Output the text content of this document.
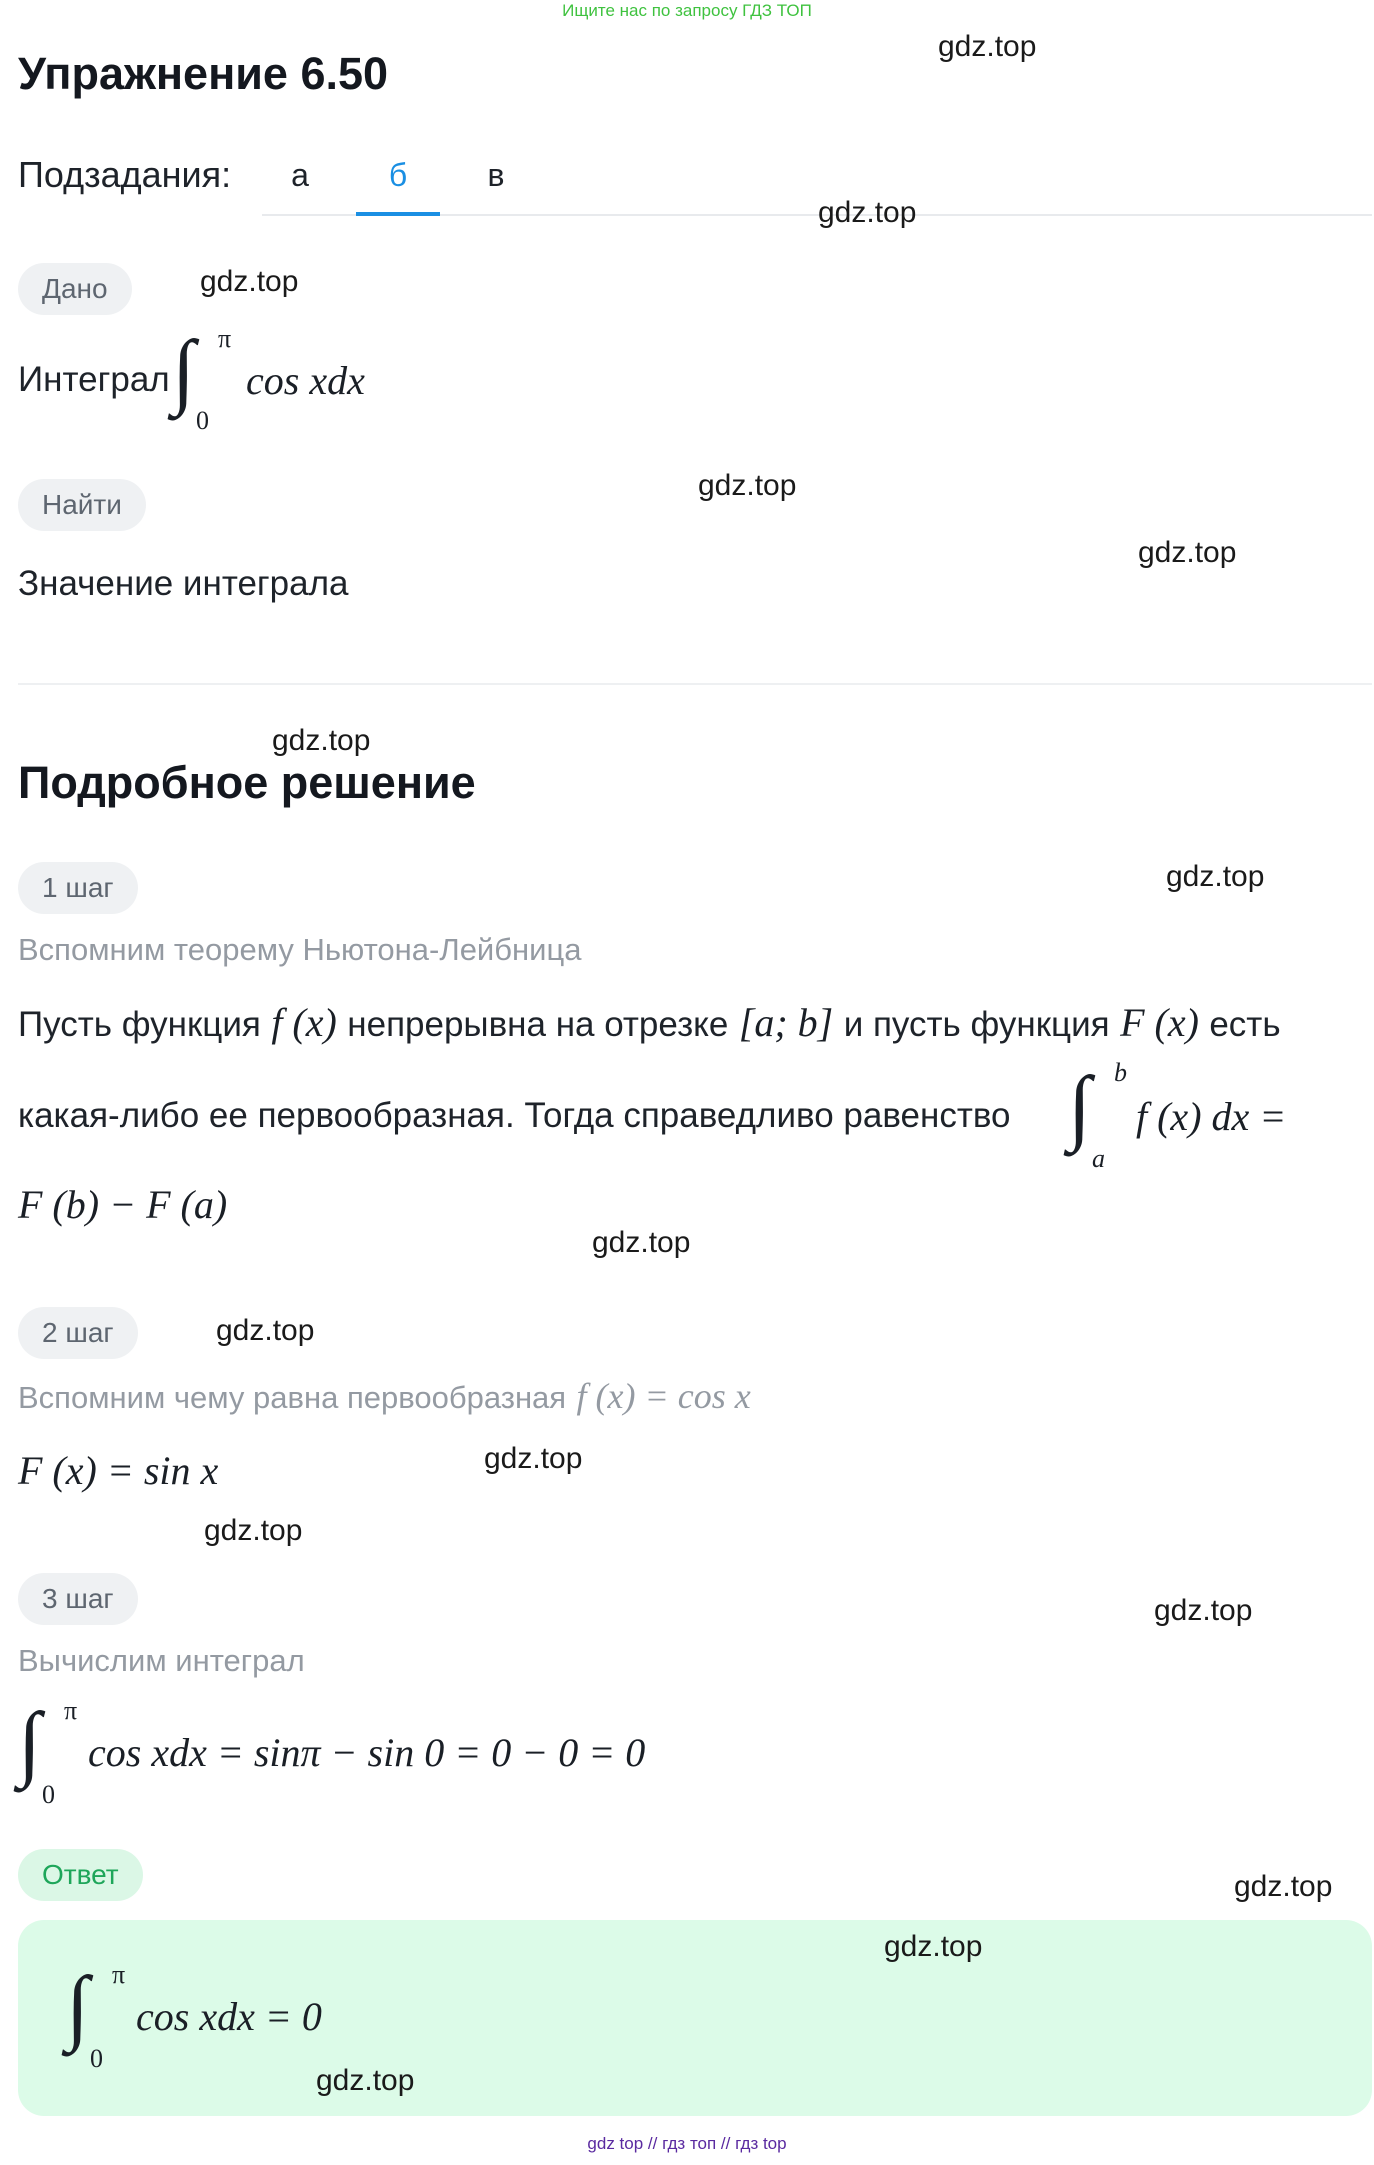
Ищите нас по запросу ГДЗ ТОП
Упражнение 6.50
Подзадания:	а	б	в
Дано
Интеграл ∫ π
0
cos xdx
Найти
Значение интеграла
Подробное решение
1 шаг
Вспомним теорему Ньютона-Лейбница
Пусть функция f (x) непрерывна на отрезке [a; b] и пусть функция F (x) есть
какая-либо ее первообразная. Тогда справедливо равенство ∫ b
a
f (x) dx =
F (b) − F (a)
2 шаг
Вспомним чему равна первообразная f (x) = cos x
F (x) = sin x
3 шаг
Вычислим интеграл
∫ π
0
cos xdx = sinπ − sin 0 = 0 − 0 = 0
Ответ
∫ π
0
cos xdx = 0
gdz.top
gdz.top
gdz.top
gdz.top
gdz.top
gdz.top
gdz.top
gdz.top
gdz.top
gdz.top
gdz.top
gdz.top
gdz.top
gdz.top
gdz.top
gdz top // гдз топ // гдз top
